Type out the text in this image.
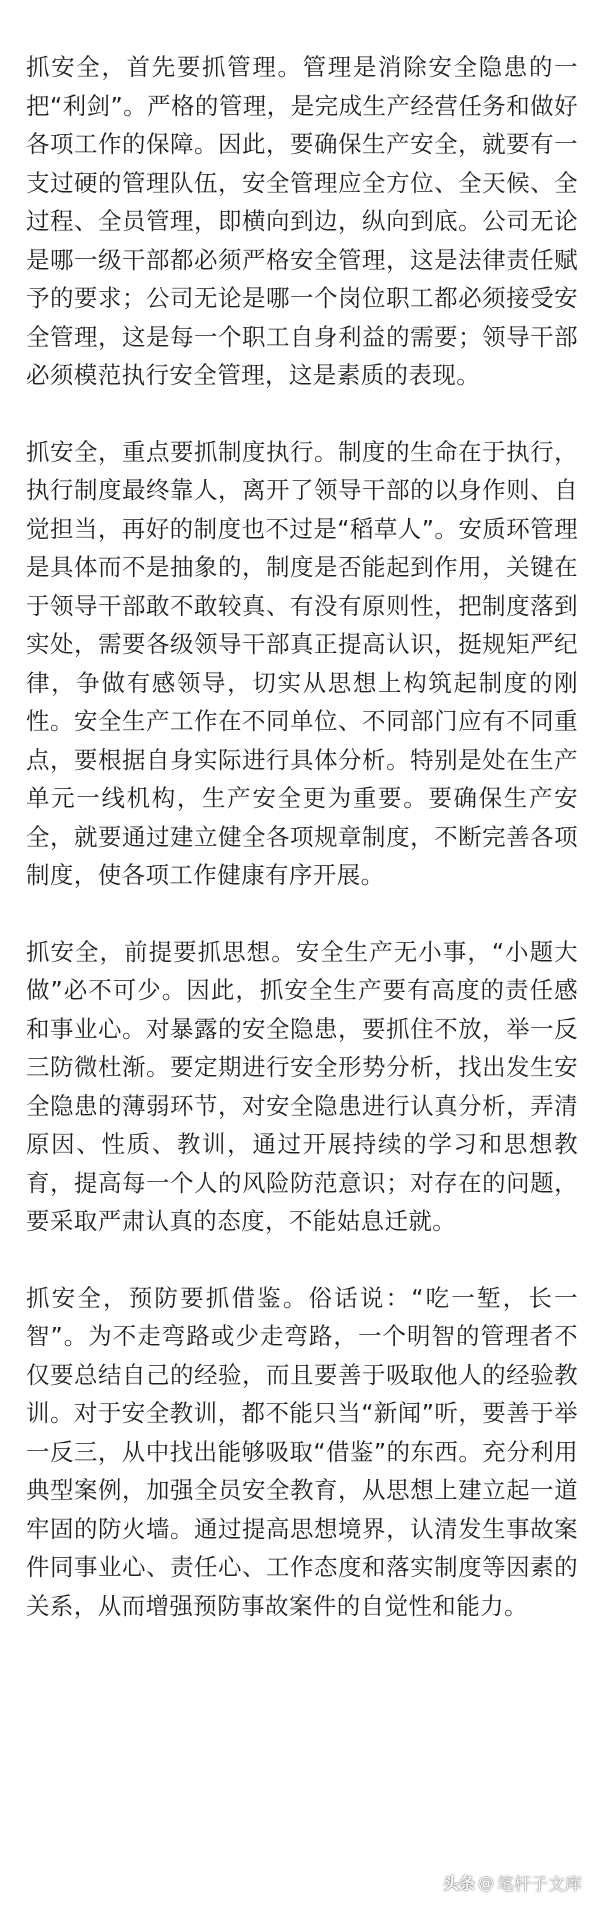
抓安全，首先要抓管理。管理是消除安全隐患的一把“利剑”。严格的管理，是完成生产经营任务和做好各项工作的保障。因此，要确保生产安全，就要有一支过硬的管理队伍，安全管理应全方位、全天候、全过程、全员管理，即横向到边，纵向到底。公司无论是哪一级干部都必须严格安全管理，这是法律责任赋予的要求；公司无论是哪一个岗位职工都必须接受安全管理，这是每一个职工自身利益的需要；领导干部必须模范执行安全管理，这是素质的表现。

抓安全，重点要抓制度执行。制度的生命在于执行，执行制度最终靠人，离开了领导干部的以身作则、自觉担当，再好的制度也不过是“稻草人”。安质环管理是具体而不是抽象的，制度是否能起到作用，关键在于领导干部敢不敢较真、有没有原则性，把制度落到实处，需要各级领导干部真正提高认识，挺规矩严纪律，争做有感领导，切实从思想上构筑起制度的刚性。安全生产工作在不同单位、不同部门应有不同重点，要根据自身实际进行具体分析。特别是处在生产单元一线机构，生产安全更为重要。要确保生产安全，就要通过建立健全各项规章制度，不断完善各项制度，使各项工作健康有序开展。

抓安全，前提要抓思想。安全生产无小事，“小题大做”必不可少。因此，抓安全生产要有高度的责任感和事业心。对暴露的安全隐患，要抓住不放，举一反三防微杜渐。要定期进行安全形势分析，找出发生安全隐患的薄弱环节，对安全隐患进行认真分析，弄清原因、性质、教训，通过开展持续的学习和思想教育，提高每一个人的风险防范意识；对存在的问题，要采取严肃认真的态度，不能姑息迁就。

抓安全，预防要抓借鉴。俗话说：“吃一堑，长一智”。为不走弯路或少走弯路，一个明智的管理者不仅要总结自己的经验，而且要善于吸取他人的经验教训。对于安全教训，都不能只当“新闻”听，要善于举一反三，从中找出能够吸取“借鉴”的东西。充分利用典型案例，加强全员安全教育，从思想上建立起一道牢固的防火墙。通过提高思想境界，认清发生事故案件同事业心、责任心、工作态度和落实制度等因素的关系，从而增强预防事故案件的自觉性和能力。

头条 @ 笔杆子文库
